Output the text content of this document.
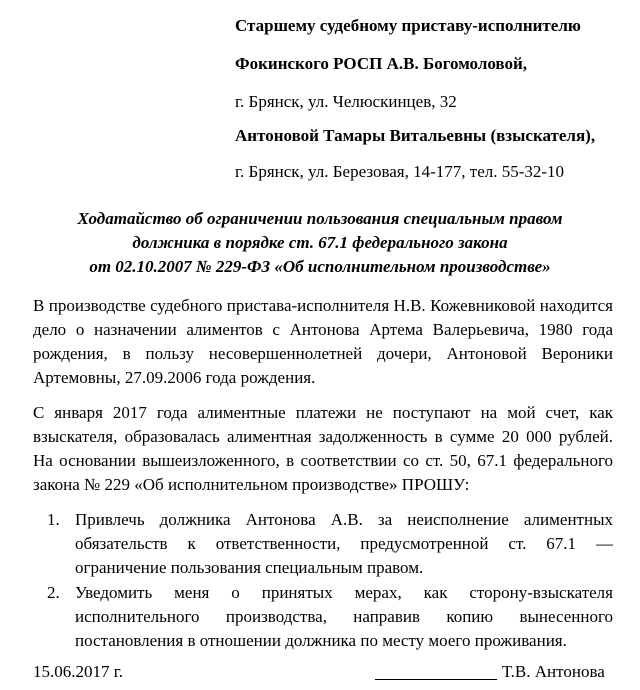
Старшему судебному приставу-исполнителю
Фокинского РОСП А.В. Богомоловой,
г. Брянск, ул. Челюскинцев, 32
Антоновой Тамары Витальевны (взыскателя),
г. Брянск, ул. Березовая, 14-177, тел. 55-32-10
Ходатайство об ограничении пользования специальным правом
должника в порядке ст. 67.1 федерального закона
от 02.10.2007 № 229-ФЗ «Об исполнительном производстве»
В производстве судебного пристава-исполнителя Н.В. Кожевниковой находится дело о назначении алиментов с Антонова Артема Валерьевича, 1980 года рождения, в пользу несовершеннолетней дочери, Антоновой Вероники Артемовны, 27.09.2006 года рождения.
С января 2017 года алиментные платежи не поступают на мой счет, как взыскателя, образовалась алиментная задолженность в сумме 20 000 рублей. На основании вышеизложенного, в соответствии со ст. 50, 67.1 федерального закона № 229 «Об исполнительном производстве» ПРОШУ:
1. Привлечь должника Антонова А.В. за неисполнение алиментных обязательств к ответственности, предусмотренной ст. 67.1 — ограничение пользования специальным правом.
2. Уведомить меня о принятых мерах, как сторону-взыскателя исполнительного производства, направив копию вынесенного постановления в отношении должника по месту моего проживания.
15.06.2017 г.	Т.В. Антонова
